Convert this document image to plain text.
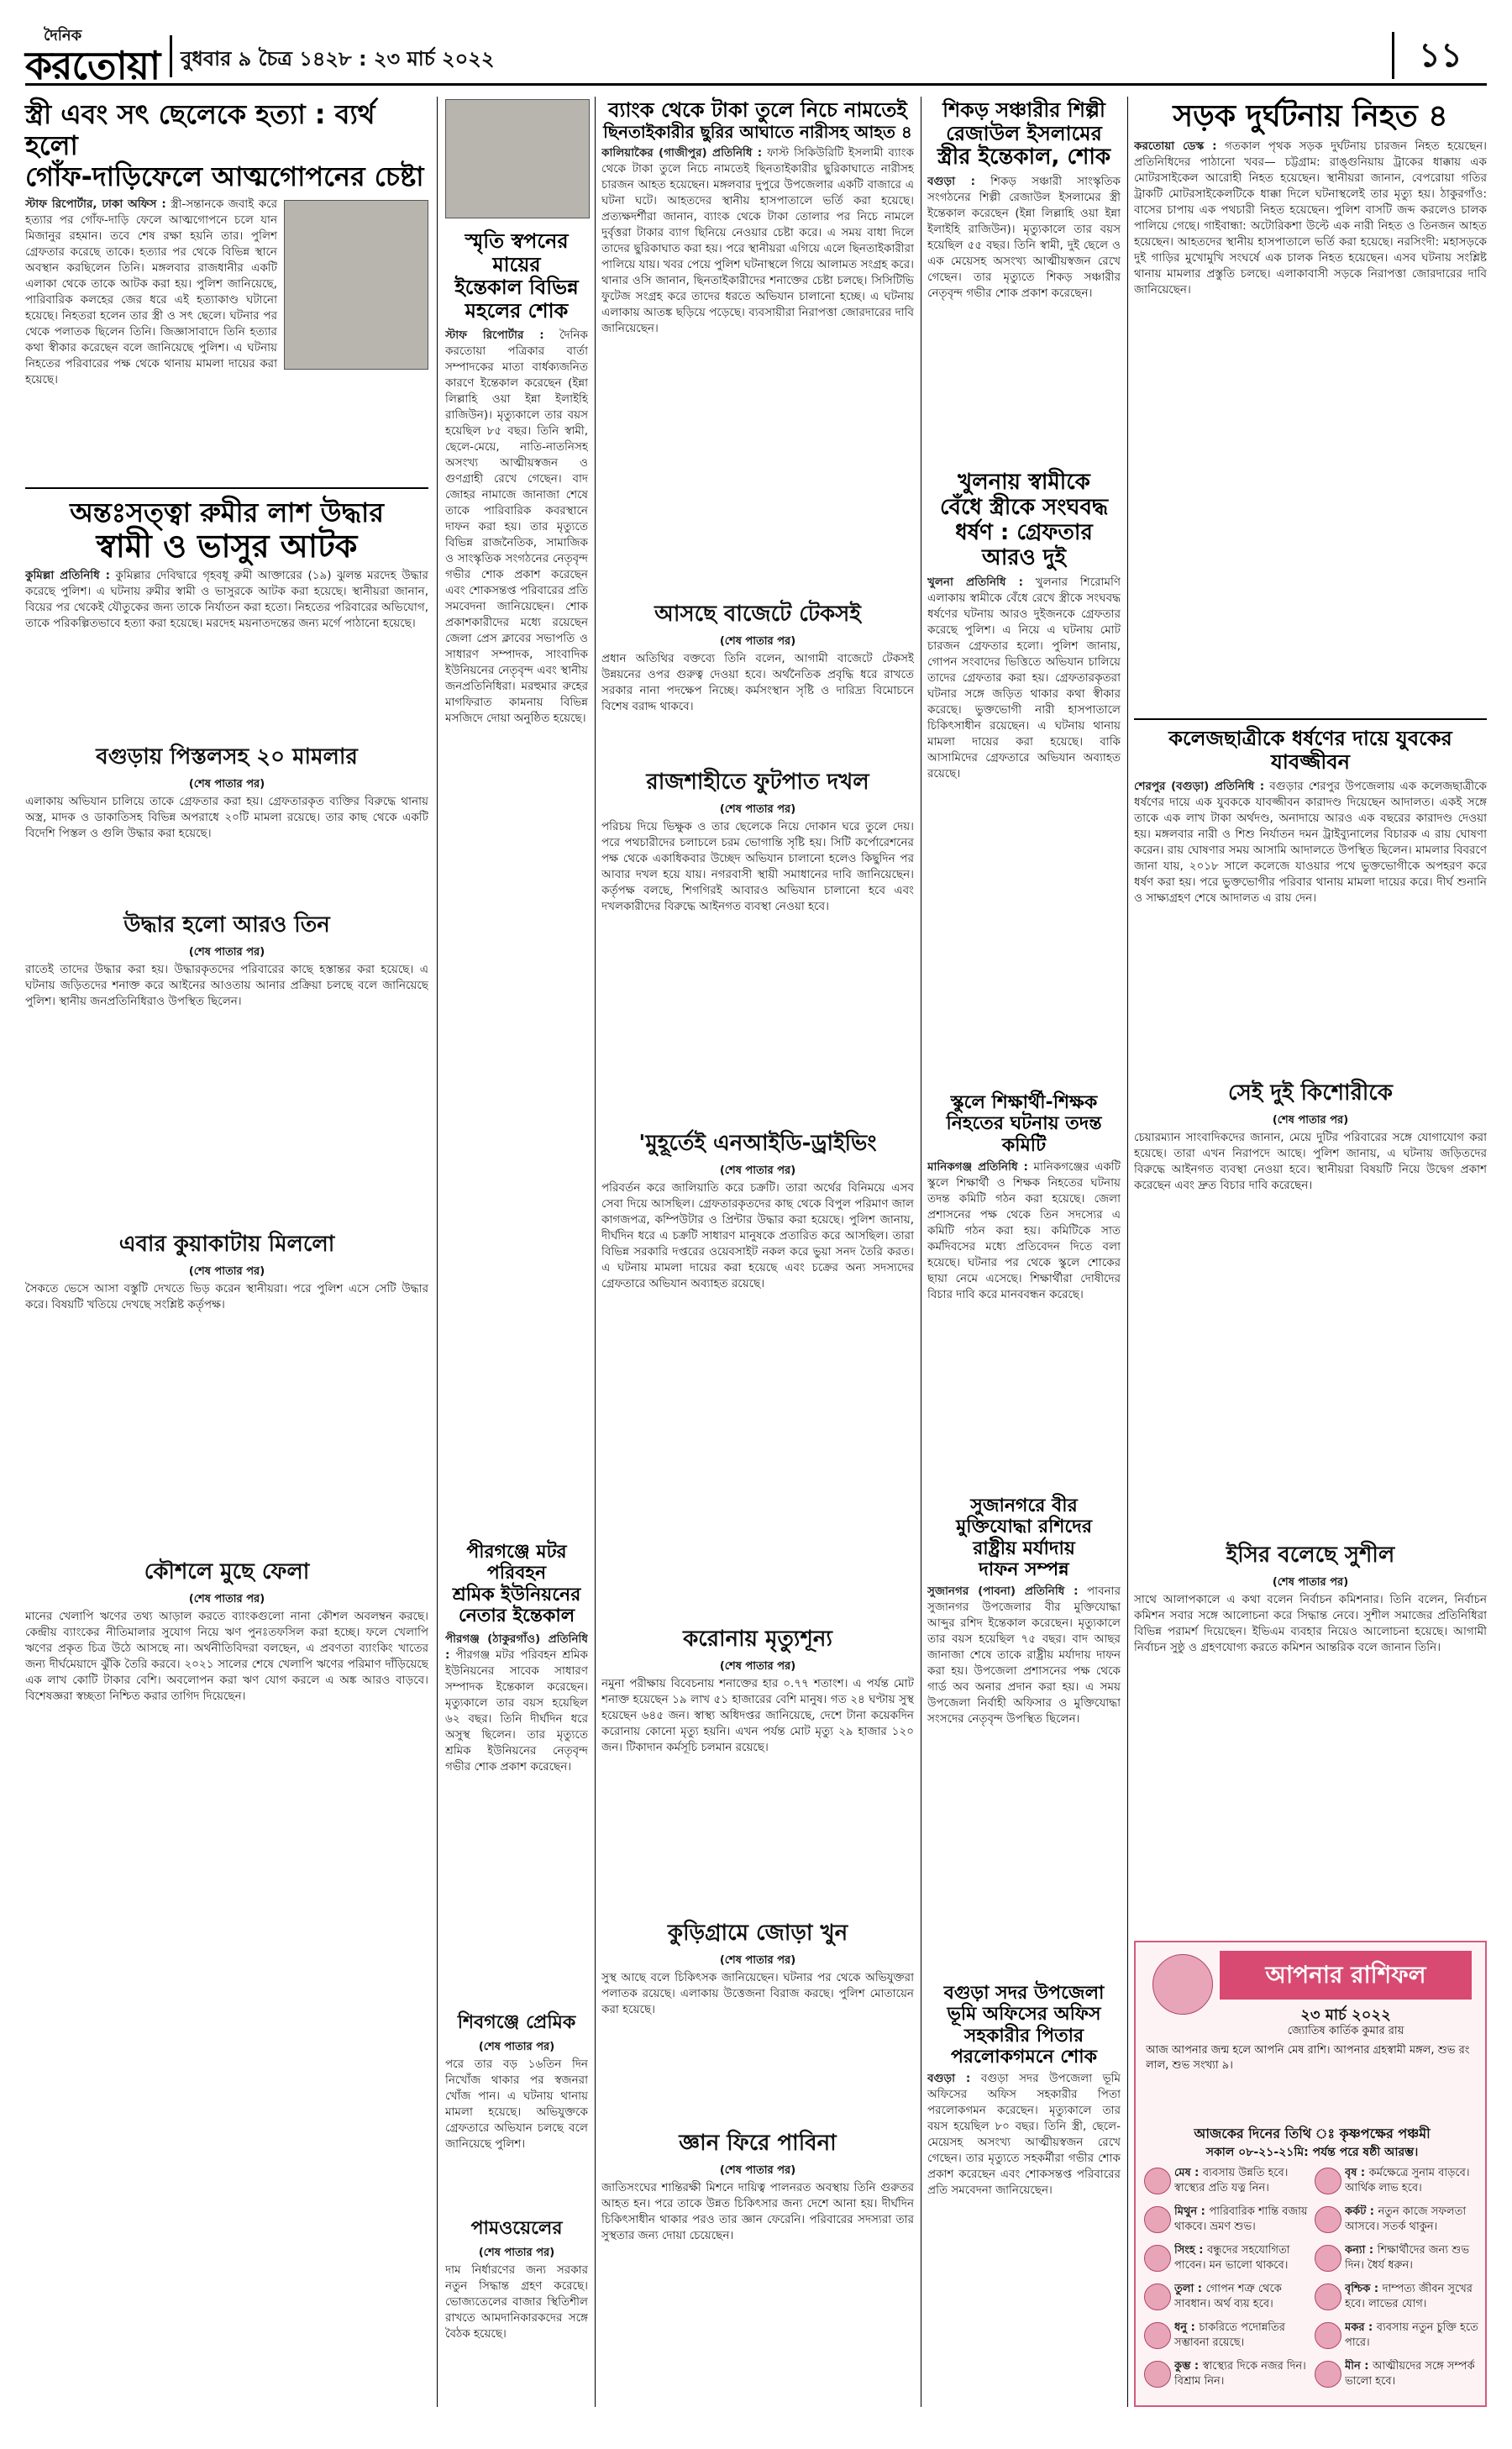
দৈনিক
করতোয়া বুধবার ৯ চৈত্র ১৪২৮ : ২৩ মার্চ ২০২২	১১
স্ত্রী এবং সৎ ছেলেকে হত্যা : ব্যর্থ হলো
গোঁফ-দাড়িফেলে আত্মগোপনের চেষ্টা
স্টাফ রিপোর্টার, ঢাকা অফিস : স্ত্রী-সন্তানকে জবাই করে হত্যার পর গোঁফ-দাড়ি ফেলে আত্মগোপনে চলে যান মিজানুর রহমান। তবে শেষ রক্ষা হয়নি তার। পুলিশ গ্রেফতার করেছে তাকে। হত্যার পর থেকে বিভিন্ন স্থানে অবস্থান করছিলেন তিনি। মঙ্গলবার রাজধানীর একটি এলাকা থেকে তাকে আটক করা হয়। পুলিশ জানিয়েছে, পারিবারিক কলহের জের ধরে এই হত্যাকাণ্ড ঘটানো হয়েছে। নিহতরা হলেন তার স্ত্রী ও সৎ ছেলে। ঘটনার পর থেকে পলাতক ছিলেন তিনি। জিজ্ঞাসাবাদে তিনি হত্যার কথা স্বীকার করেছেন বলে জানিয়েছে পুলিশ। এ ঘটনায় নিহতের পরিবারের পক্ষ থেকে থানায় মামলা দায়ের করা হয়েছে।
অন্তঃসত্ত্বা রুমীর লাশ উদ্ধার
স্বামী ও ভাসুর আটক
কুমিল্লা প্রতিনিধি : কুমিল্লার দেবিদ্বারে গৃহবধূ রুমী আক্তারের (১৯) ঝুলন্ত মরদেহ উদ্ধার করেছে পুলিশ। এ ঘটনায় রুমীর স্বামী ও ভাসুরকে আটক করা হয়েছে। স্থানীয়রা জানান, বিয়ের পর থেকেই যৌতুকের জন্য তাকে নির্যাতন করা হতো। নিহতের পরিবারের অভিযোগ, তাকে পরিকল্পিতভাবে হত্যা করা হয়েছে। মরদেহ ময়নাতদন্তের জন্য মর্গে পাঠানো হয়েছে।
বগুড়ায় পিস্তলসহ ২০ মামলার
(শেষ পাতার পর)
এলাকায় অভিযান চালিয়ে তাকে গ্রেফতার করা হয়। গ্রেফতারকৃত ব্যক্তির বিরুদ্ধে থানায় অস্ত্র, মাদক ও ডাকাতিসহ বিভিন্ন অপরাধে ২০টি মামলা রয়েছে। তার কাছ থেকে একটি বিদেশি পিস্তল ও গুলি উদ্ধার করা হয়েছে।
উদ্ধার হলো আরও তিন
(শেষ পাতার পর)
রাতেই তাদের উদ্ধার করা হয়। উদ্ধারকৃতদের পরিবারের কাছে হস্তান্তর করা হয়েছে। এ ঘটনায় জড়িতদের শনাক্ত করে আইনের আওতায় আনার প্রক্রিয়া চলছে বলে জানিয়েছে পুলিশ। স্থানীয় জনপ্রতিনিধিরাও উপস্থিত ছিলেন।
এবার কুয়াকাটায় মিললো
(শেষ পাতার পর)
সৈকতে ভেসে আসা বস্তুটি দেখতে ভিড় করেন স্থানীয়রা। পরে পুলিশ এসে সেটি উদ্ধার করে। বিষয়টি খতিয়ে দেখছে সংশ্লিষ্ট কর্তৃপক্ষ।
কৌশলে মুছে ফেলা
(শেষ পাতার পর)
মানের খেলাপি ঋণের তথ্য আড়াল করতে ব্যাংকগুলো নানা কৌশল অবলম্বন করছে। কেন্দ্রীয় ব্যাংকের নীতিমালার সুযোগ নিয়ে ঋণ পুনঃতফসিল করা হচ্ছে। ফলে খেলাপি ঋণের প্রকৃত চিত্র উঠে আসছে না। অর্থনীতিবিদরা বলছেন, এ প্রবণতা ব্যাংকিং খাতের জন্য দীর্ঘমেয়াদে ঝুঁকি তৈরি করবে। ২০২১ সালের শেষে খেলাপি ঋণের পরিমাণ দাঁড়িয়েছে এক লাখ কোটি টাকার বেশি। অবলোপন করা ঋণ যোগ করলে এ অঙ্ক আরও বাড়বে। বিশেষজ্ঞরা স্বচ্ছতা নিশ্চিত করার তাগিদ দিয়েছেন।
স্মৃতি স্বপনের মায়ের
ইন্তেকাল বিভিন্ন
মহলের শোক
স্টাফ রিপোর্টার : দৈনিক করতোয়া পত্রিকার বার্তা সম্পাদকের মাতা বার্ধক্যজনিত কারণে ইন্তেকাল করেছেন (ইন্না লিল্লাহি ওয়া ইন্না ইলাইহি রাজিউন)। মৃত্যুকালে তার বয়স হয়েছিল ৮৫ বছর। তিনি স্বামী, ছেলে-মেয়ে, নাতি-নাতনিসহ অসংখ্য আত্মীয়স্বজন ও গুণগ্রাহী রেখে গেছেন। বাদ জোহর নামাজে জানাজা শেষে তাকে পারিবারিক কবরস্থানে দাফন করা হয়। তার মৃত্যুতে বিভিন্ন রাজনৈতিক, সামাজিক ও সাংস্কৃতিক সংগঠনের নেতৃবৃন্দ গভীর শোক প্রকাশ করেছেন এবং শোকসন্তপ্ত পরিবারের প্রতি সমবেদনা জানিয়েছেন। শোক প্রকাশকারীদের মধ্যে রয়েছেন জেলা প্রেস ক্লাবের সভাপতি ও সাধারণ সম্পাদক, সাংবাদিক ইউনিয়নের নেতৃবৃন্দ এবং স্থানীয় জনপ্রতিনিধিরা। মরহুমার রুহের মাগফিরাত কামনায় বিভিন্ন মসজিদে দোয়া অনুষ্ঠিত হয়েছে।
পীরগঞ্জে মটর পরিবহন
শ্রমিক ইউনিয়নের
নেতার ইন্তেকাল
পীরগঞ্জ (ঠাকুরগাঁও) প্রতিনিধি : পীরগঞ্জ মটর পরিবহন শ্রমিক ইউনিয়নের সাবেক সাধারণ সম্পাদক ইন্তেকাল করেছেন। মৃত্যুকালে তার বয়স হয়েছিল ৬২ বছর। তিনি দীর্ঘদিন ধরে অসুস্থ ছিলেন। তার মৃত্যুতে শ্রমিক ইউনিয়নের নেতৃবৃন্দ গভীর শোক প্রকাশ করেছেন।
শিবগঞ্জে প্রেমিক
(শেষ পাতার পর)
পরে তার বড় ১৬তিন দিন নিখোঁজ থাকার পর স্বজনরা খোঁজ পান। এ ঘটনায় থানায় মামলা হয়েছে। অভিযুক্তকে গ্রেফতারে অভিযান চলছে বলে জানিয়েছে পুলিশ।
পামওয়েলের
(শেষ পাতার পর)
দাম নির্ধারণের জন্য সরকার নতুন সিদ্ধান্ত গ্রহণ করেছে। ভোজ্যতেলের বাজার স্থিতিশীল রাখতে আমদানিকারকদের সঙ্গে বৈঠক হয়েছে।
ব্যাংক থেকে টাকা তুলে নিচে নামতেই
ছিনতাইকারীর ছুরির আঘাতে নারীসহ আহত ৪
কালিয়াকৈর (গাজীপুর) প্রতিনিধি : ফাস্ট সিকিউরিটি ইসলামী ব্যাংক থেকে টাকা তুলে নিচে নামতেই ছিনতাইকারীর ছুরিকাঘাতে নারীসহ চারজন আহত হয়েছেন। মঙ্গলবার দুপুরে উপজেলার একটি বাজারে এ ঘটনা ঘটে। আহতদের স্থানীয় হাসপাতালে ভর্তি করা হয়েছে। প্রত্যক্ষদর্শীরা জানান, ব্যাংক থেকে টাকা তোলার পর নিচে নামলে দুর্বৃত্তরা টাকার ব্যাগ ছিনিয়ে নেওয়ার চেষ্টা করে। এ সময় বাধা দিলে তাদের ছুরিকাঘাত করা হয়। পরে স্থানীয়রা এগিয়ে এলে ছিনতাইকারীরা পালিয়ে যায়। খবর পেয়ে পুলিশ ঘটনাস্থলে গিয়ে আলামত সংগ্রহ করে। থানার ওসি জানান, ছিনতাইকারীদের শনাক্তের চেষ্টা চলছে। সিসিটিভি ফুটেজ সংগ্রহ করে তাদের ধরতে অভিযান চালানো হচ্ছে। এ ঘটনায় এলাকায় আতঙ্ক ছড়িয়ে পড়েছে। ব্যবসায়ীরা নিরাপত্তা জোরদারের দাবি জানিয়েছেন।
আসছে বাজেটে টেকসই
(শেষ পাতার পর)
প্রধান অতিথির বক্তব্যে তিনি বলেন, আগামী বাজেটে টেকসই উন্নয়নের ওপর গুরুত্ব দেওয়া হবে। অর্থনৈতিক প্রবৃদ্ধি ধরে রাখতে সরকার নানা পদক্ষেপ নিচ্ছে। কর্মসংস্থান সৃষ্টি ও দারিদ্র্য বিমোচনে বিশেষ বরাদ্দ থাকবে।
রাজশাহীতে ফুটপাত দখল
(শেষ পাতার পর)
পরিচয় দিয়ে ভিক্ষুক ও তার ছেলেকে নিয়ে দোকান ঘরে তুলে দেয়। পরে পথচারীদের চলাচলে চরম ভোগান্তি সৃষ্টি হয়। সিটি কর্পোরেশনের পক্ষ থেকে একাধিকবার উচ্ছেদ অভিযান চালানো হলেও কিছুদিন পর আবার দখল হয়ে যায়। নগরবাসী স্থায়ী সমাধানের দাবি জানিয়েছেন। কর্তৃপক্ষ বলছে, শিগগিরই আবারও অভিযান চালানো হবে এবং দখলকারীদের বিরুদ্ধে আইনগত ব্যবস্থা নেওয়া হবে।
'মুহূর্তেই এনআইডি-ড্রাইভিং
(শেষ পাতার পর)
পরিবর্তন করে জালিয়াতি করে চক্রটি। তারা অর্থের বিনিময়ে এসব সেবা দিয়ে আসছিল। গ্রেফতারকৃতদের কাছ থেকে বিপুল পরিমাণ জাল কাগজপত্র, কম্পিউটার ও প্রিন্টার উদ্ধার করা হয়েছে। পুলিশ জানায়, দীর্ঘদিন ধরে এ চক্রটি সাধারণ মানুষকে প্রতারিত করে আসছিল। তারা বিভিন্ন সরকারি দপ্তরের ওয়েবসাইট নকল করে ভুয়া সনদ তৈরি করত। এ ঘটনায় মামলা দায়ের করা হয়েছে এবং চক্রের অন্য সদস্যদের গ্রেফতারে অভিযান অব্যাহত রয়েছে।
করোনায় মৃত্যুশূন্য
(শেষ পাতার পর)
নমুনা পরীক্ষায় বিবেচনায় শনাক্তের হার ০.৭৭ শতাংশ। এ পর্যন্ত মোট শনাক্ত হয়েছেন ১৯ লাখ ৫১ হাজারের বেশি মানুষ। গত ২৪ ঘণ্টায় সুস্থ হয়েছেন ৬৪৫ জন। স্বাস্থ্য অধিদপ্তর জানিয়েছে, দেশে টানা কয়েকদিন করোনায় কোনো মৃত্যু হয়নি। এখন পর্যন্ত মোট মৃত্যু ২৯ হাজার ১২০ জন। টিকাদান কর্মসূচি চলমান রয়েছে।
কুড়িগ্রামে জোড়া খুন
(শেষ পাতার পর)
সুস্থ আছে বলে চিকিৎসক জানিয়েছেন। ঘটনার পর থেকে অভিযুক্তরা পলাতক রয়েছে। এলাকায় উত্তেজনা বিরাজ করছে। পুলিশ মোতায়েন করা হয়েছে।
জ্ঞান ফিরে পাবিনা
(শেষ পাতার পর)
জাতিসংঘের শান্তিরক্ষী মিশনে দায়িত্ব পালনরত অবস্থায় তিনি গুরুতর আহত হন। পরে তাকে উন্নত চিকিৎসার জন্য দেশে আনা হয়। দীর্ঘদিন চিকিৎসাধীন থাকার পরও তার জ্ঞান ফেরেনি। পরিবারের সদস্যরা তার সুস্থতার জন্য দোয়া চেয়েছেন।
শিকড় সঞ্চারীর শিল্পী
রেজাউল ইসলামের
স্ত্রীর ইন্তেকাল, শোক
বগুড়া : শিকড় সঞ্চারী সাংস্কৃতিক সংগঠনের শিল্পী রেজাউল ইসলামের স্ত্রী ইন্তেকাল করেছেন (ইন্না লিল্লাহি ওয়া ইন্না ইলাইহি রাজিউন)। মৃত্যুকালে তার বয়স হয়েছিল ৫৫ বছর। তিনি স্বামী, দুই ছেলে ও এক মেয়েসহ অসংখ্য আত্মীয়স্বজন রেখে গেছেন। তার মৃত্যুতে শিকড় সঞ্চারীর নেতৃবৃন্দ গভীর শোক প্রকাশ করেছেন।
খুলনায় স্বামীকে
বেঁধে স্ত্রীকে সংঘবদ্ধ
ধর্ষণ : গ্রেফতার
আরও দুই
খুলনা প্রতিনিধি : খুলনার শিরোমণি এলাকায় স্বামীকে বেঁধে রেখে স্ত্রীকে সংঘবদ্ধ ধর্ষণের ঘটনায় আরও দুইজনকে গ্রেফতার করেছে পুলিশ। এ নিয়ে এ ঘটনায় মোট চারজন গ্রেফতার হলো। পুলিশ জানায়, গোপন সংবাদের ভিত্তিতে অভিযান চালিয়ে তাদের গ্রেফতার করা হয়। গ্রেফতারকৃতরা ঘটনার সঙ্গে জড়িত থাকার কথা স্বীকার করেছে। ভুক্তভোগী নারী হাসপাতালে চিকিৎসাধীন রয়েছেন। এ ঘটনায় থানায় মামলা দায়ের করা হয়েছে। বাকি আসামিদের গ্রেফতারে অভিযান অব্যাহত রয়েছে।
স্কুলে শিক্ষার্থী-শিক্ষক
নিহতের ঘটনায় তদন্ত
কমিটি
মানিকগঞ্জ প্রতিনিধি : মানিকগঞ্জের একটি স্কুলে শিক্ষার্থী ও শিক্ষক নিহতের ঘটনায় তদন্ত কমিটি গঠন করা হয়েছে। জেলা প্রশাসনের পক্ষ থেকে তিন সদস্যের এ কমিটি গঠন করা হয়। কমিটিকে সাত কর্মদিবসের মধ্যে প্রতিবেদন দিতে বলা হয়েছে। ঘটনার পর থেকে স্কুলে শোকের ছায়া নেমে এসেছে। শিক্ষার্থীরা দোষীদের বিচার দাবি করে মানববন্ধন করেছে।
সুজানগরে বীর
মুক্তিযোদ্ধা রশিদের
রাষ্ট্রীয় মর্যাদায়
দাফন সম্পন্ন
সুজানগর (পাবনা) প্রতিনিধি : পাবনার সুজানগর উপজেলার বীর মুক্তিযোদ্ধা আব্দুর রশিদ ইন্তেকাল করেছেন। মৃত্যুকালে তার বয়স হয়েছিল ৭৫ বছর। বাদ আছর জানাজা শেষে তাকে রাষ্ট্রীয় মর্যাদায় দাফন করা হয়। উপজেলা প্রশাসনের পক্ষ থেকে গার্ড অব অনার প্রদান করা হয়। এ সময় উপজেলা নির্বাহী অফিসার ও মুক্তিযোদ্ধা সংসদের নেতৃবৃন্দ উপস্থিত ছিলেন।
বগুড়া সদর উপজেলা
ভূমি অফিসের অফিস
সহকারীর পিতার
পরলোকগমনে শোক
বগুড়া : বগুড়া সদর উপজেলা ভূমি অফিসের অফিস সহকারীর পিতা পরলোকগমন করেছেন। মৃত্যুকালে তার বয়স হয়েছিল ৮০ বছর। তিনি স্ত্রী, ছেলে-মেয়েসহ অসংখ্য আত্মীয়স্বজন রেখে গেছেন। তার মৃত্যুতে সহকর্মীরা গভীর শোক প্রকাশ করেছেন এবং শোকসন্তপ্ত পরিবারের প্রতি সমবেদনা জানিয়েছেন।
সড়ক দুর্ঘটনায় নিহত ৪
করতোয়া ডেস্ক : গতকাল পৃথক সড়ক দুর্ঘটনায় চারজন নিহত হয়েছেন। প্রতিনিধিদের পাঠানো খবর— চট্টগ্রাম: রাঙ্গুনিয়ায় ট্রাকের ধাক্কায় এক মোটরসাইকেল আরোহী নিহত হয়েছেন। স্থানীয়রা জানান, বেপরোয়া গতির ট্রাকটি মোটরসাইকেলটিকে ধাক্কা দিলে ঘটনাস্থলেই তার মৃত্যু হয়। ঠাকুরগাঁও: বাসের চাপায় এক পথচারী নিহত হয়েছেন। পুলিশ বাসটি জব্দ করলেও চালক পালিয়ে গেছে। গাইবান্ধা: অটোরিকশা উল্টে এক নারী নিহত ও তিনজন আহত হয়েছেন। আহতদের স্থানীয় হাসপাতালে ভর্তি করা হয়েছে। নরসিংদী: মহাসড়কে দুই গাড়ির মুখোমুখি সংঘর্ষে এক চালক নিহত হয়েছেন। এসব ঘটনায় সংশ্লিষ্ট থানায় মামলার প্রস্তুতি চলছে। এলাকাবাসী সড়কে নিরাপত্তা জোরদারের দাবি জানিয়েছেন।
কলেজছাত্রীকে ধর্ষণের দায়ে যুবকের যাবজ্জীবন
শেরপুর (বগুড়া) প্রতিনিধি : বগুড়ার শেরপুর উপজেলায় এক কলেজছাত্রীকে ধর্ষণের দায়ে এক যুবককে যাবজ্জীবন কারাদণ্ড দিয়েছেন আদালত। একই সঙ্গে তাকে এক লাখ টাকা অর্থদণ্ড, অনাদায়ে আরও এক বছরের কারাদণ্ড দেওয়া হয়। মঙ্গলবার নারী ও শিশু নির্যাতন দমন ট্রাইব্যুনালের বিচারক এ রায় ঘোষণা করেন। রায় ঘোষণার সময় আসামি আদালতে উপস্থিত ছিলেন। মামলার বিবরণে জানা যায়, ২০১৮ সালে কলেজে যাওয়ার পথে ভুক্তভোগীকে অপহরণ করে ধর্ষণ করা হয়। পরে ভুক্তভোগীর পরিবার থানায় মামলা দায়ের করে। দীর্ঘ শুনানি ও সাক্ষ্যগ্রহণ শেষে আদালত এ রায় দেন।
সেই দুই কিশোরীকে
(শেষ পাতার পর)
চেয়ারম্যান সাংবাদিকদের জানান, মেয়ে দুটির পরিবারের সঙ্গে যোগাযোগ করা হয়েছে। তারা এখন নিরাপদে আছে। পুলিশ জানায়, এ ঘটনায় জড়িতদের বিরুদ্ধে আইনগত ব্যবস্থা নেওয়া হবে। স্থানীয়রা বিষয়টি নিয়ে উদ্বেগ প্রকাশ করেছেন এবং দ্রুত বিচার দাবি করেছেন।
ইসির বলেছে সুশীল
(শেষ পাতার পর)
সাথে আলাপকালে এ কথা বলেন নির্বাচন কমিশনার। তিনি বলেন, নির্বাচন কমিশন সবার সঙ্গে আলোচনা করে সিদ্ধান্ত নেবে। সুশীল সমাজের প্রতিনিধিরা বিভিন্ন পরামর্শ দিয়েছেন। ইভিএম ব্যবহার নিয়েও আলোচনা হয়েছে। আগামী নির্বাচন সুষ্ঠু ও গ্রহণযোগ্য করতে কমিশন আন্তরিক বলে জানান তিনি।
আপনার রাশিফল
২৩ মার্চ ২০২২
জ্যোতিষ কার্তিক কুমার রায়
আজ আপনার জন্ম হলে আপনি মেষ রাশি। আপনার গ্রহস্বামী মঙ্গল, শুভ রং লাল, শুভ সংখ্যা ৯।
আজকের দিনের তিথি ঃ কৃষ্ণপক্ষের পঞ্চমী
সকাল ০৮-২১-২১মি: পর্যন্ত পরে ষষ্ঠী আরম্ভ।
মেষ : ব্যবসায় উন্নতি হবে। স্বাস্থ্যের প্রতি যত্ন নিন।
বৃষ : কর্মক্ষেত্রে সুনাম বাড়বে। আর্থিক লাভ হবে।
মিথুন : পারিবারিক শান্তি বজায় থাকবে। ভ্রমণ শুভ।
কর্কট : নতুন কাজে সফলতা আসবে। সতর্ক থাকুন।
সিংহ : বন্ধুদের সহযোগিতা পাবেন। মন ভালো থাকবে।
কন্যা : শিক্ষার্থীদের জন্য শুভ দিন। ধৈর্য ধরুন।
তুলা : গোপন শত্রু থেকে সাবধান। অর্থ ব্যয় হবে।
বৃশ্চিক : দাম্পত্য জীবন সুখের হবে। লাভের যোগ।
ধনু : চাকরিতে পদোন্নতির সম্ভাবনা রয়েছে।
মকর : ব্যবসায় নতুন চুক্তি হতে পারে।
কুম্ভ : স্বাস্থ্যের দিকে নজর দিন। বিশ্রাম নিন।
মীন : আত্মীয়দের সঙ্গে সম্পর্ক ভালো হবে।
